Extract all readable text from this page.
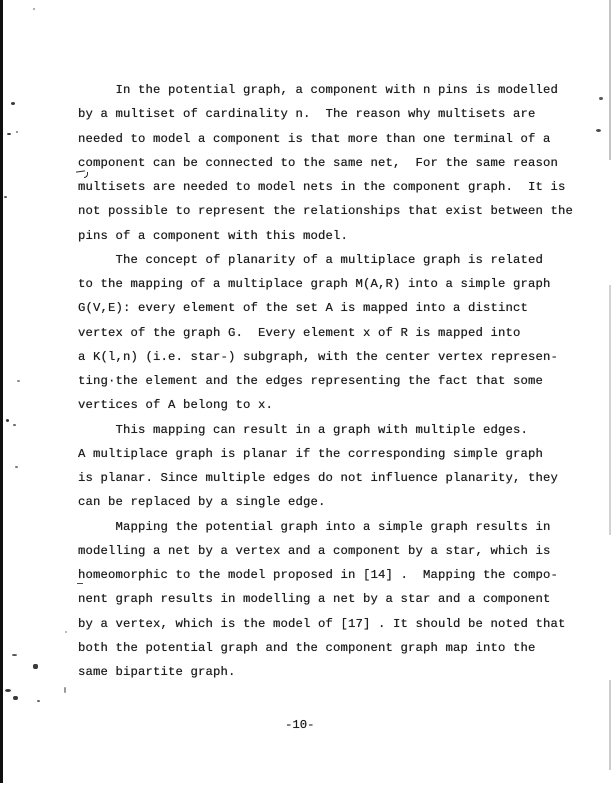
In the potential graph, a component with n pins is modelled
by a multiset of cardinality n.  The reason why multisets are
needed to model a component is that more than one terminal of a
component can be connected to the same net,  For the same reason
multisets are needed to model nets in the component graph.  It is
not possible to represent the relationships that exist between the
pins of a component with this model.
The concept of planarity of a multiplace graph is related
to the mapping of a multiplace graph M(A,R) into a simple graph
G(V,E): every element of the set A is mapped into a distinct
vertex of the graph G.  Every element x of R is mapped into
a K(l,n) (i.e. star-) subgraph, with the center vertex represen-
ting·the element and the edges representing the fact that some
vertices of A belong to x.
This mapping can result in a graph with multiple edges.
A multiplace graph is planar if the corresponding simple graph
is planar. Since multiple edges do not influence planarity, they
can be replaced by a single edge.
Mapping the potential graph into a simple graph results in
modelling a net by a vertex and a component by a star, which is
homeomorphic to the model proposed in [14] .  Mapping the compo-
nent graph results in modelling a net by a star and a component
by a vertex, which is the model of [17] . It should be noted that
both the potential graph and the component graph map into the
same bipartite graph.
-10-
